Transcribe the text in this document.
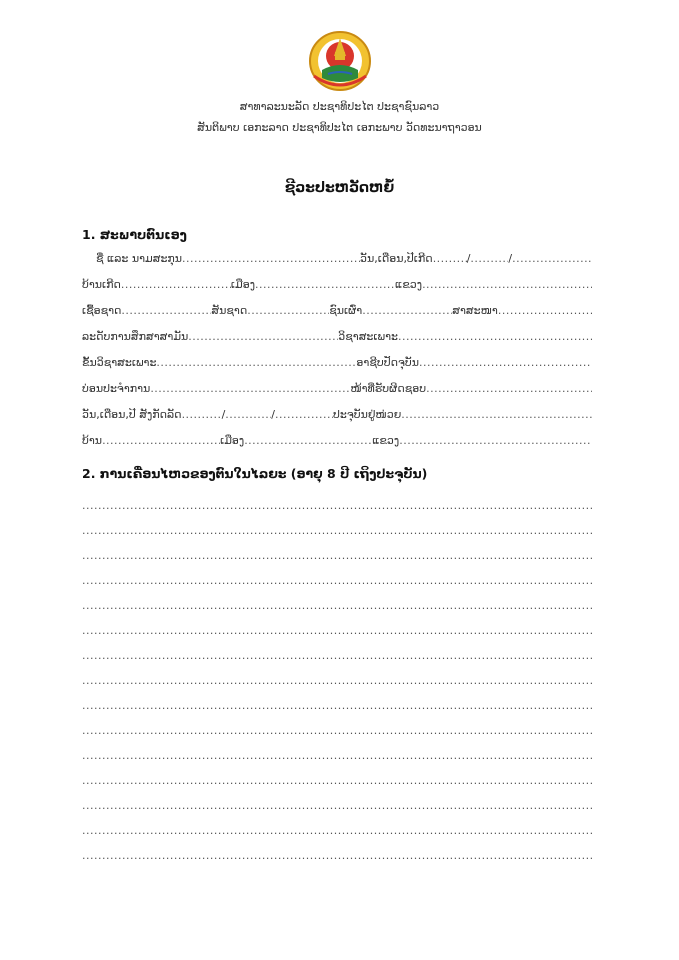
ສາທາລະນະລັດ ປະຊາທິປະໄຕ ປະຊາຊົນລາວ
ສັນຕິພາບ ເອກະລາດ ປະຊາທິປະໄຕ ເອກະພາບ ວັດທະນາຖາວອນ
ຊີວະປະຫວັດຫຍໍ້
1. ສະພາບຕົນເອງ
ຊື່ ແລະ ນາມສະກຸນ .....	ວັນ,ເດືອນ,ປີເກີດ .....	/ .....	/
.....
ບ້ານເກີດ .....	ເມືອງ .....	ແຂວງ
.....
ເຊື້ອຊາດ .....	ສັນຊາດ .....	ຊົນເຜົ່າ .....	ສາສະໜາ
.....
ລະດັບການສຶກສາສາມັນ .....	ວິຊາສະເພາະ
.....
ຂັ້ນວິຊາສະເພາະ .....	ອາຊີບປັດຈຸບັນ
.....
ບ່ອນປະຈຳການ .....	ໜ້າທີ່ຮັບຜິດຊອບ
.....
ວັນ,ເດືອນ,ປີ ສັງກັດລັດ .....	/ .....	/ .....	ປະຈຸບັນຢູ່ໜ່ວຍ
.....
ບ້ານ .....	ເມືອງ .....	ແຂວງ
.....
2. ການເຄື່ອນໄຫວຂອງຕົນໃນໄລຍະ (ອາຍຸ 8 ປີ ເຖິງປະຈຸບັນ)
.....
.....
.....
.....
.....
.....
.....
.....
.....
.....
.....
.....
.....
.....
.....
